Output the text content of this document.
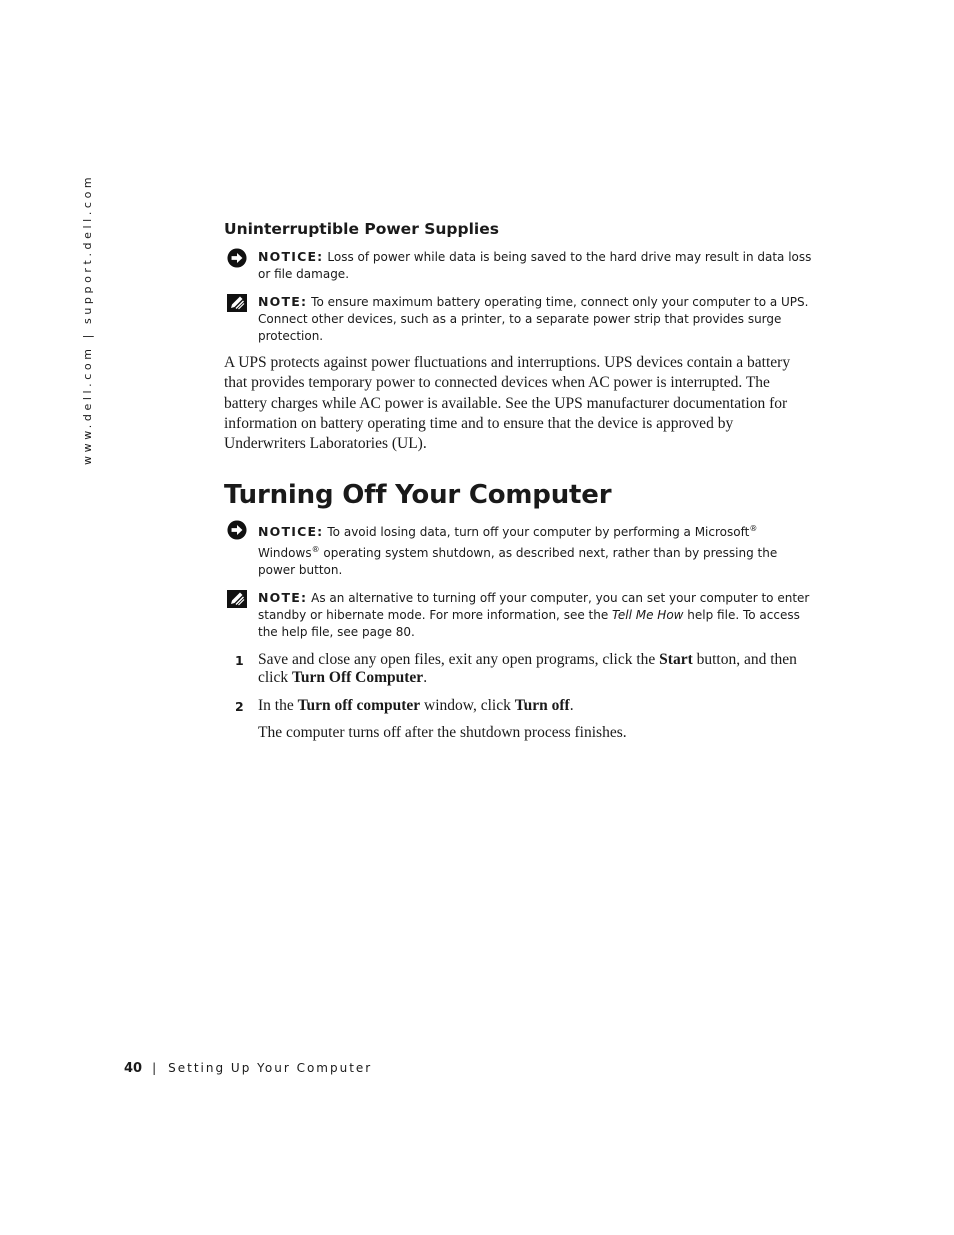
www.dell.com | support.dell.com	Uninterruptible Power Supplies
NOTICE: Loss of power while data is being saved to the hard drive may result in data loss or file damage.
NOTE: To ensure maximum battery operating time, connect only your computer to a UPS. Connect other devices, such as a printer, to a separate power strip that provides surge protection.

A UPS protects against power fluctuations and interruptions. UPS devices contain a battery that provides temporary power to connected devices when AC power is interrupted. The battery charges while AC power is available. See the UPS manufacturer documentation for information on battery operating time and to ensure that the device is approved by Underwriters Laboratories (UL).

Turning Off Your Computer
NOTICE: To avoid losing data, turn off your computer by performing a Microsoft® Windows® operating system shutdown, as described next, rather than by pressing the power button.
NOTE: As an alternative to turning off your computer, you can set your computer to enter standby or hibernate mode. For more information, see the Tell Me How help file. To access the help file, see page 80.
1 Save and close any open files, exit any open programs, click the Start button, and then click Turn Off Computer.
2 In the Turn off computer window, click Turn off.
The computer turns off after the shutdown process finishes.
40 | Setting Up Your Computer
